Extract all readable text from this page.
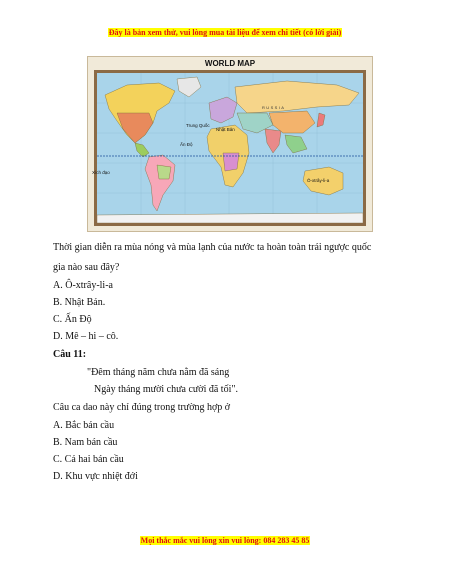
Đây là bản xem thử, vui lòng mua tài liệu để xem chi tiết (có lời giải)
WORLD MAP
RUSSIA
Trung Quốc
Nhật Bản
Ấn Độ
Xích đạo
Ô-xtrây-li-a
Thời gian diễn ra mùa nóng và mùa lạnh của nước ta hoàn toàn trái ngược quốc
gia nào sau đây?
A. Ô-xtrây-li-a
B. Nhật Bản.
C. Ấn Độ
D. Mê – hi – cô.
Câu 11:
"Đêm tháng năm chưa nằm đã sáng
Ngày tháng mười chưa cười đã tối".
Câu ca dao này chỉ đúng trong trường hợp ở
A. Bắc bán cầu
B. Nam bán cầu
C. Cả hai bán cầu
D. Khu vực nhiệt đới
Mọi thắc mắc vui lòng xin vui lòng: 084 283 45 85
